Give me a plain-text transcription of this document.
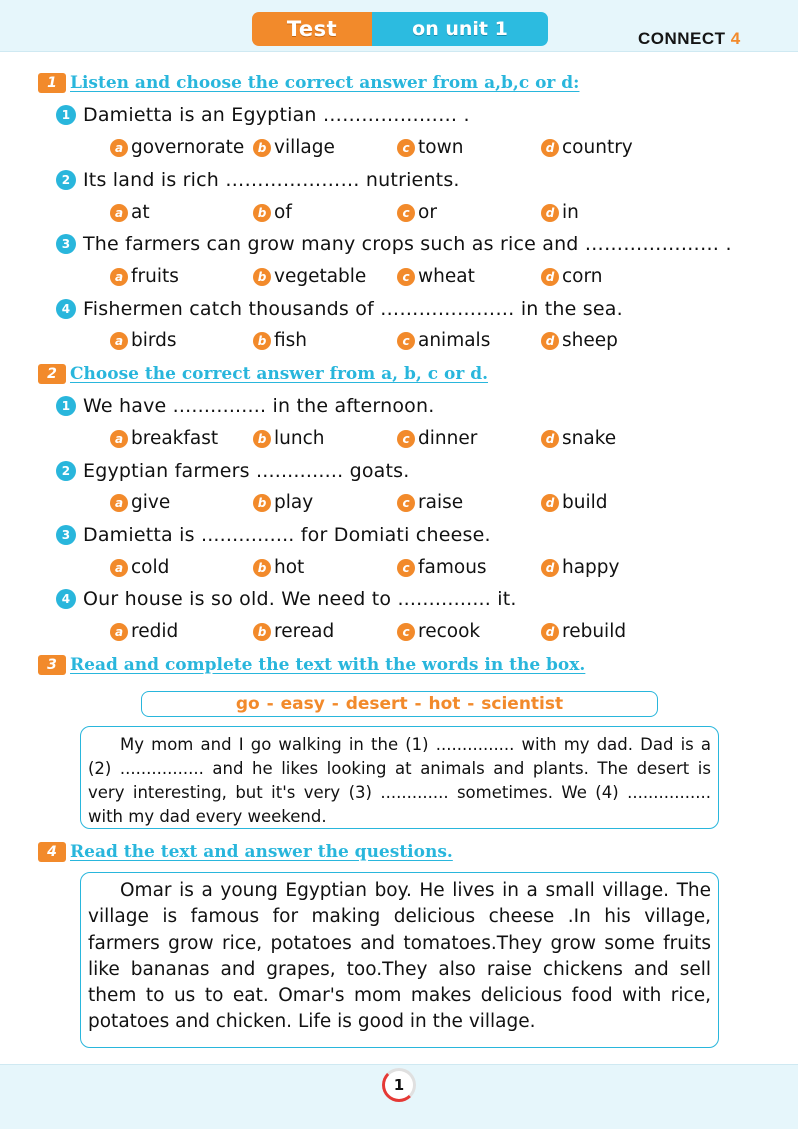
Test	on unit 1	CONNECT 4
1 Listen and choose the correct answer from a,b,c or d:
1 Damietta is an Egyptian ………………… .
a governorate	b village	c town	d country
2 Its land is rich ………………… nutrients.
a at	b of	c or	d in
3 The farmers can grow many crops such as rice and ………………… .
a fruits	b vegetable	c wheat	d corn
4 Fishermen catch thousands of ………………… in the sea.
a birds	b fish	c animals	d sheep
2 Choose the correct answer from a, b, c or d.
1 We have ............... in the afternoon.
a breakfast	b lunch	c dinner	d snake
2 Egyptian farmers .............. goats.
a give	b play	c raise	d build
3 Damietta is ............... for Domiati cheese.
a cold	b hot	c famous	d happy
4 Our house is so old. We need to ............... it.
a redid	b reread	c recook	d rebuild
3 Read and complete the text with the words in the box.
go - easy - desert - hot - scientist
My mom and I go walking in the (1) ............... with my dad. Dad is a (2) ................ and he likes looking at animals and plants. The desert is very interesting, but it's very (3) ............. sometimes. We (4) ................ with my dad every weekend.
4 Read the text and answer the questions.
Omar is a young Egyptian boy. He lives in a small village. The village is famous for making delicious cheese .In his village, farmers grow rice, potatoes and tomatoes.They grow some fruits like bananas and grapes, too.They also raise chickens and sell them to us to eat. Omar's mom makes delicious food with rice, potatoes and chicken. Life is good in the village.
1
